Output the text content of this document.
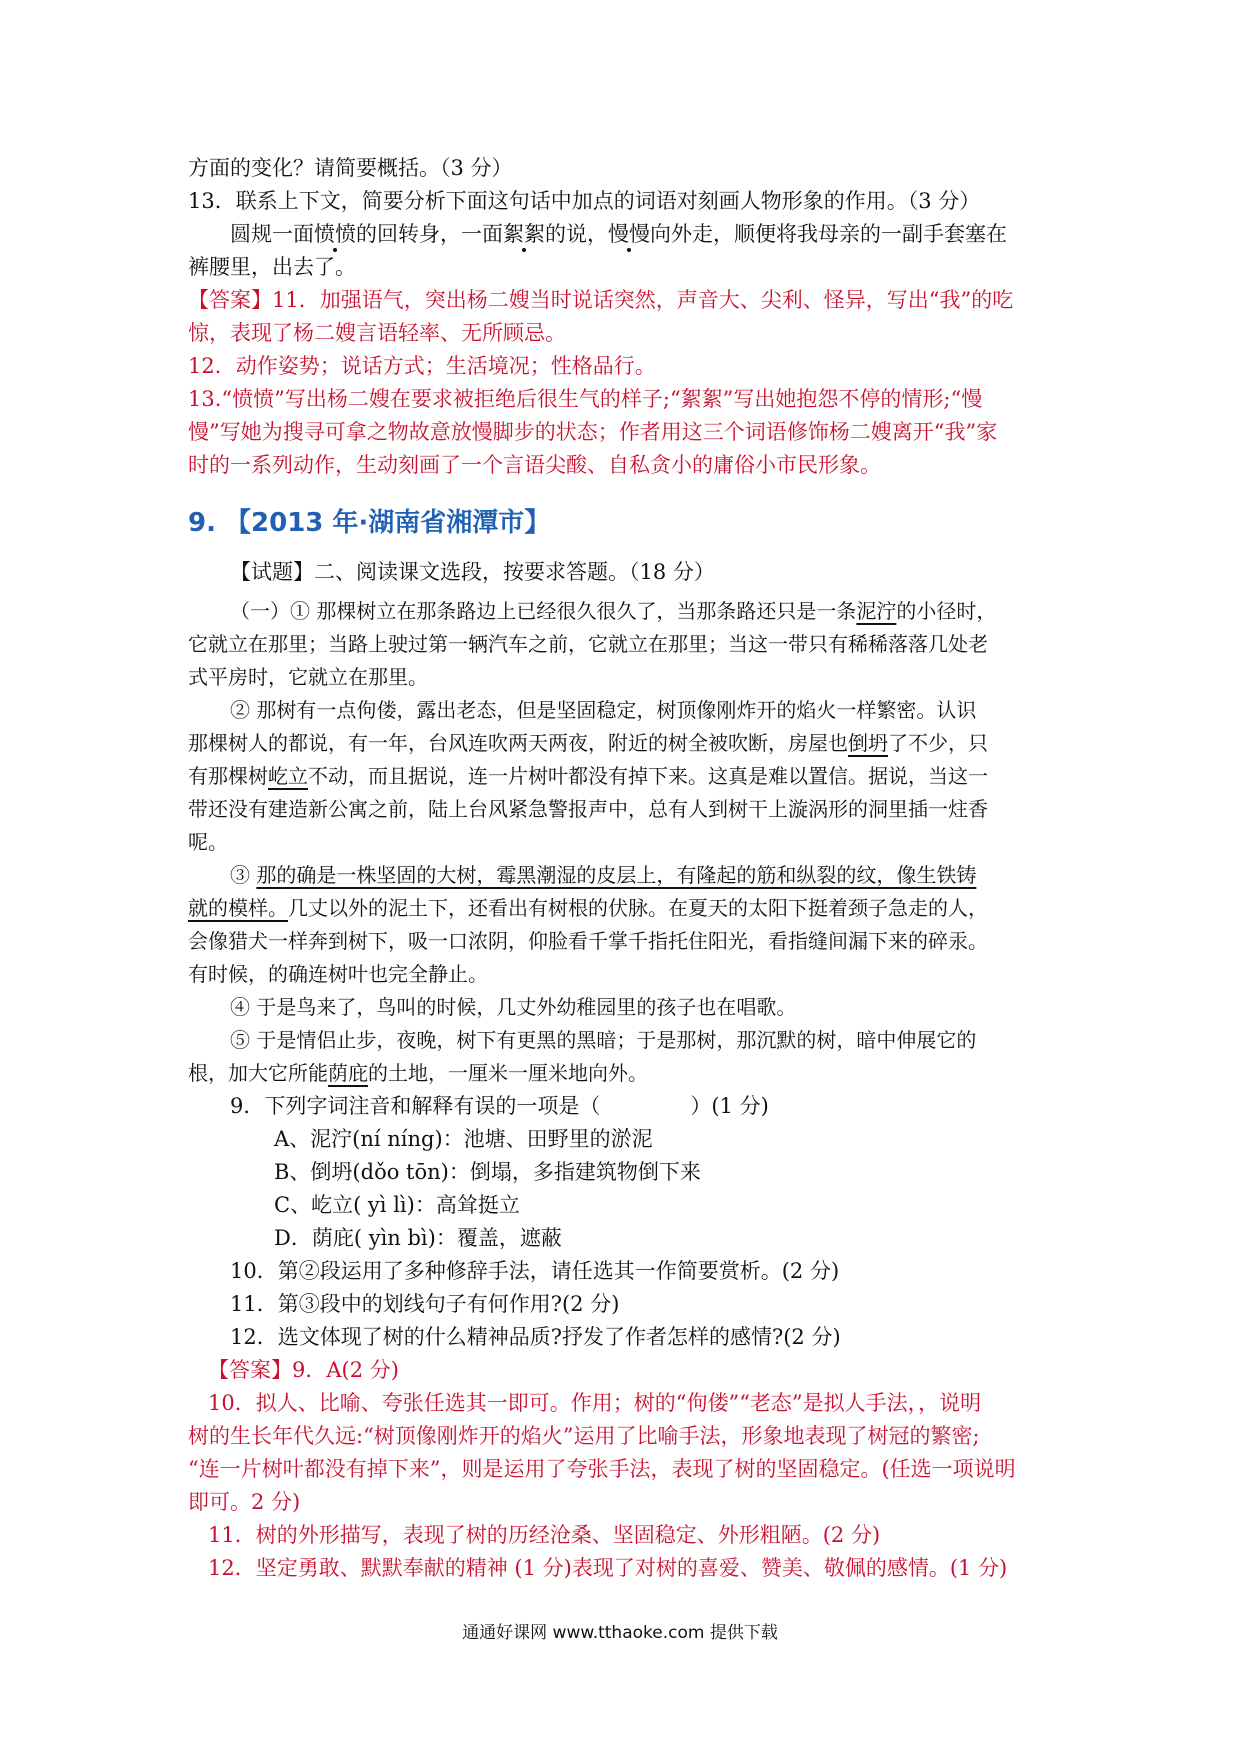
方面的变化？请简要概括。（3 分）
13．联系上下文，简要分析下面这句话中加点的词语对刻画人物形象的作用。（3 分）
圆规一面愤愤的回转身，一面絮絮的说，慢慢向外走，顺便将我母亲的一副手套塞在
裤腰里，出去了。
【答案】11．加强语气，突出杨二嫂当时说话突然，声音大、尖利、怪异，写出“我”的吃
惊，表现了杨二嫂言语轻率、无所顾忌。
12．动作姿势；说话方式；生活境况；性格品行。
13.“愤愤”写出杨二嫂在要求被拒绝后很生气的样子;“絮絮”写出她抱怨不停的情形;“慢
慢”写她为搜寻可拿之物故意放慢脚步的状态；作者用这三个词语修饰杨二嫂离开“我”家
时的一系列动作，生动刻画了一个言语尖酸、自私贪小的庸俗小市民形象。
9. 【2013 年·湖南省湘潭市】
【试题】二、阅读课文选段，按要求答题。（18 分）
（一）① 那棵树立在那条路边上已经很久很久了，当那条路还只是一条泥泞的小径时，
它就立在那里；当路上驶过第一辆汽车之前，它就立在那里；当这一带只有稀稀落落几处老
式平房时，它就立在那里。
② 那树有一点佝偻，露出老态，但是坚固稳定，树顶像刚炸开的焰火一样繁密。认识
那棵树人的都说，有一年，台风连吹两天两夜，附近的树全被吹断，房屋也倒坍了不少，只
有那棵树屹立不动，而且据说，连一片树叶都没有掉下来。这真是难以置信。据说，当这一
带还没有建造新公寓之前，陆上台风紧急警报声中，总有人到树干上漩涡形的洞里插一炷香
呢。
③ 那的确是一株坚固的大树，霉黑潮湿的皮层上，有隆起的筋和纵裂的纹，像生铁铸
就的模样。几丈以外的泥土下，还看出有树根的伏脉。在夏天的太阳下挺着颈子急走的人，
会像猎犬一样奔到树下，吸一口浓阴，仰脸看千掌千指托住阳光，看指缝间漏下来的碎汞。
有时候，的确连树叶也完全静止。
④ 于是鸟来了，鸟叫的时候，几丈外幼稚园里的孩子也在唱歌。
⑤ 于是情侣止步，夜晚，树下有更黑的黑暗；于是那树，那沉默的树，暗中伸展它的
根，加大它所能荫庇的土地，一厘米一厘米地向外。
9．下列字词注音和解释有误的一项是（	）(1 分)
A、泥泞(ní níng)：池塘、田野里的淤泥
B、倒坍(dǒo tōn)：倒塌，多指建筑物倒下来
C、屹立( yì lì)：高耸挺立
D．荫庇( yìn bì)：覆盖，遮蔽
10．第②段运用了多种修辞手法，请任选其一作简要赏析。(2 分)
11．第③段中的划线句子有何作用?(2 分)
12．选文体现了树的什么精神品质?抒发了作者怎样的感情?(2 分)
【答案】9．A(2 分)
10．拟人、比喻、夸张任选其一即可。作用；树的“佝偻”“老态”是拟人手法，，说明
树的生长年代久远:“树顶像刚炸开的焰火”运用了比喻手法，形象地表现了树冠的繁密;
“连一片树叶都没有掉下来”，则是运用了夸张手法，表现了树的坚固稳定。(任选一项说明
即可。2 分)
11．树的外形描写，表现了树的历经沧桑、坚固稳定、外形粗陋。(2 分)
12．坚定勇敢、默默奉献的精神 (1 分)表现了对树的喜爱、赞美、敬佩的感情。(1 分)
通通好课网 www.tthaoke.com 提供下载
